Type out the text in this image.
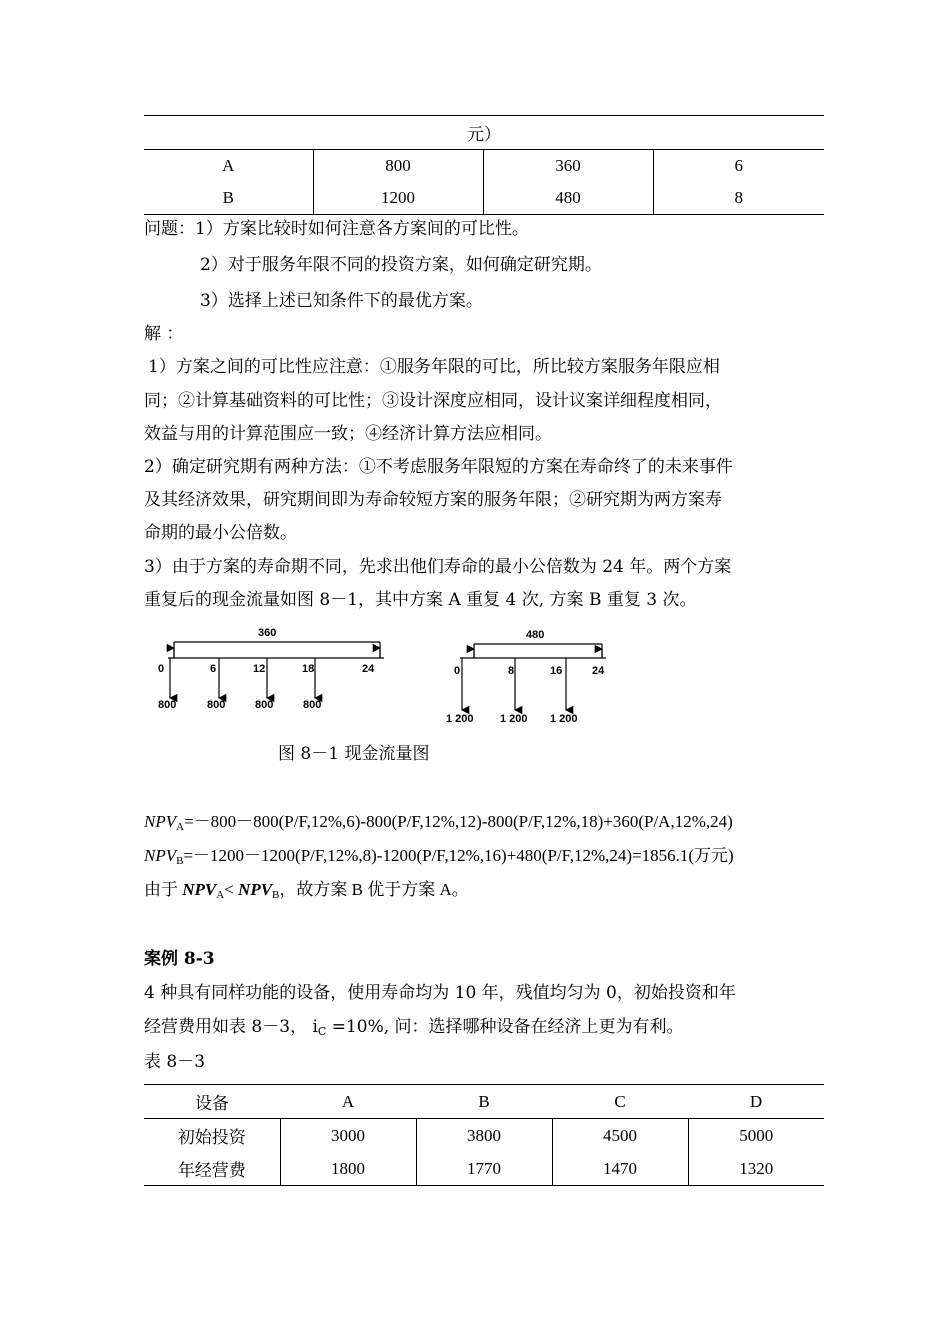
元）			
A	800	360	6
B	1200	480	8
问题：1）方案比较时如何注意各方案间的可比性。
2）对于服务年限不同的投资方案，如何确定研究期。
3）选择上述已知条件下的最优方案。
解 ：
1）方案之间的可比性应注意：①服务年限的可比，所比较方案服务年限应相
同；②计算基础资料的可比性；③设计深度应相同，设计议案详细程度相同，
效益与用的计算范围应一致；④经济计算方法应相同。
2）确定研究期有两种方法：①不考虑服务年限短的方案在寿命终了的未来事件
及其经济效果，研究期间即为寿命较短方案的服务年限；②研究期为两方案寿
命期的最小公倍数。
3）由于方案的寿命期不同，先求出他们寿命的最小公倍数为 24 年。两个方案
重复后的现金流量如图 8－1，其中方案 A 重复 4 次, 方案 B 重复 3 次。
360
0	6	12	18	24
800	800	800	800
480
0	8	16	24
1 200 1 200 1 200
图 8－1 现金流量图
$NPV_A=-800-800(P/F,12\%,6)-800(P/F,12\%,12)-800(P/F,12\%,18)+360(P/A,12\%,24)$
$NPV_B=-1200-1200(P/F,12\%,8)-1200(P/F,12\%,16)+480(P/F,12\%,24)=1856.1$(万元)
由于 $NPV_A< NPV_B$，故方案 B 优于方案 A。
案例 8-3
4 种具有同样功能的设备，使用寿命均为 10 年，残值均匀为 0，初始投资和年
经营费用如表 8－3， $i_C =10\%$, 问：选择哪种设备在经济上更为有利。
表 8－3
设备	A	B	C	D
初始投资	3000	3800	4500	5000
年经营费	1800	1770	1470	1320
